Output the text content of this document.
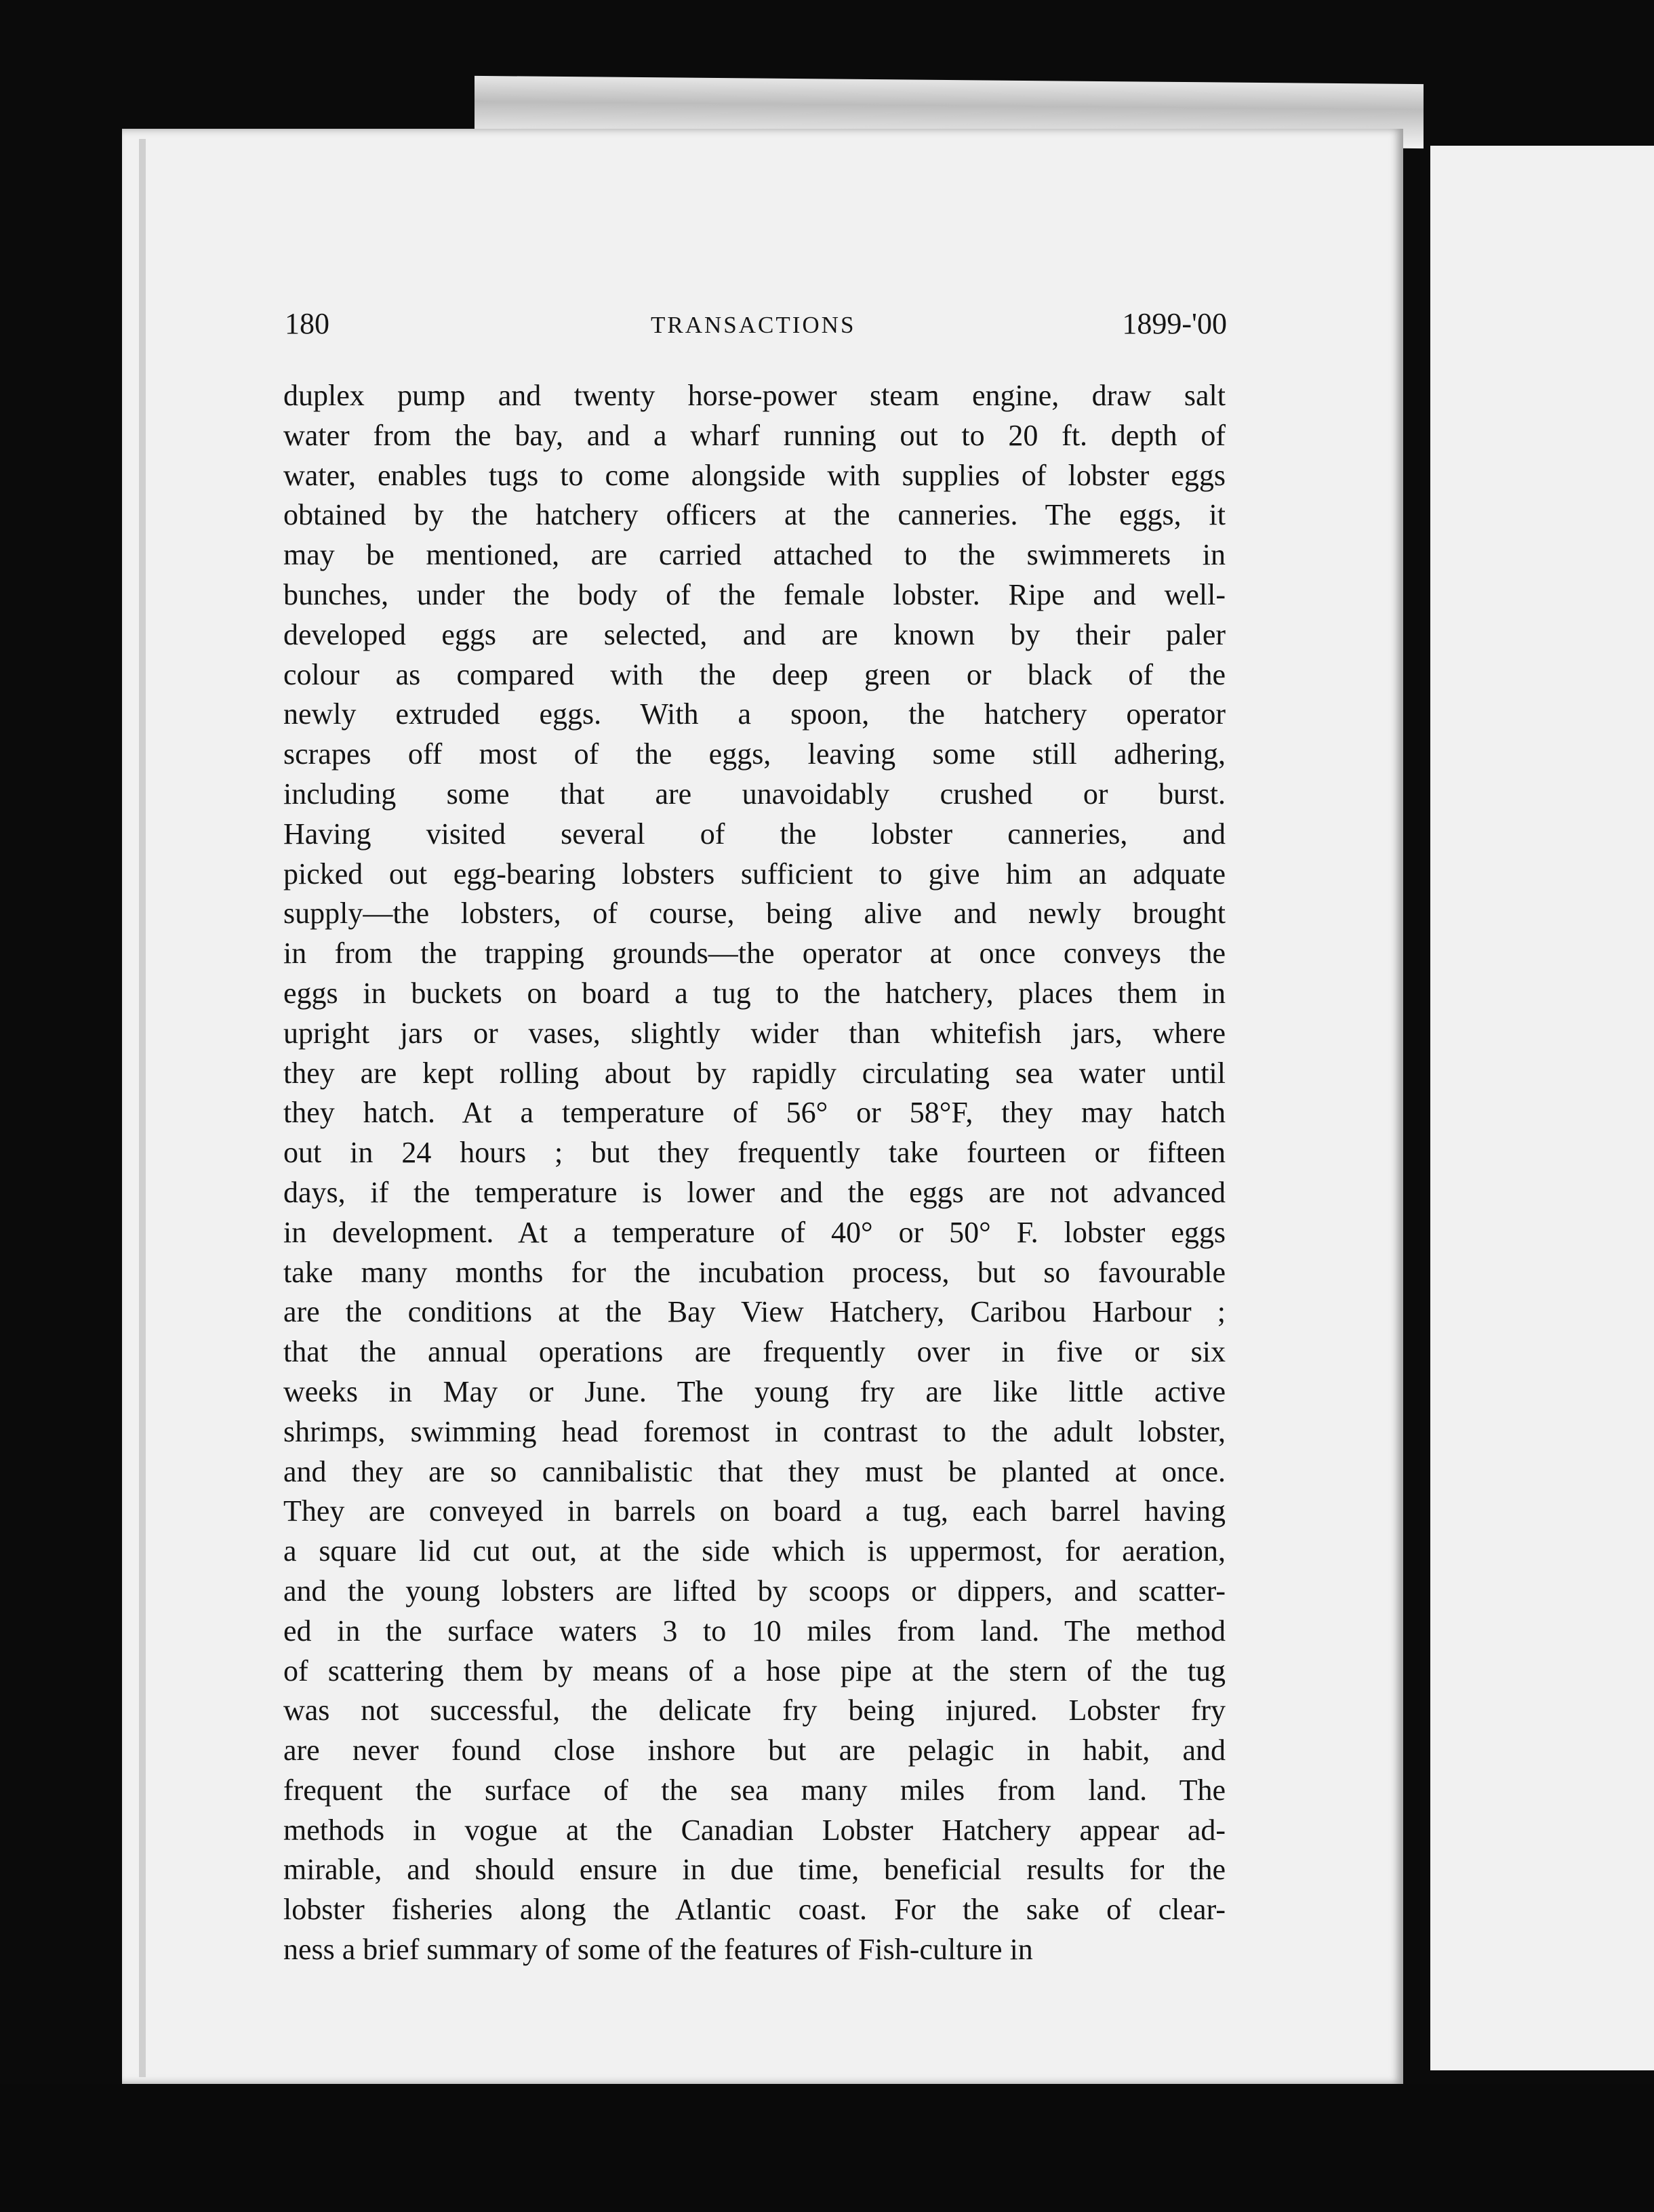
180	TRANSACTIONS	1899-'00
duplex pump and twenty horse-power steam engine, draw salt
water from the bay, and a wharf running out to 20 ft. depth of
water, enables tugs to come alongside with supplies of lobster eggs
obtained by the hatchery officers at the canneries. The eggs, it
may be mentioned, are carried attached to the swimmerets in
bunches, under the body of the female lobster. Ripe and well-
developed eggs are selected, and are known by their paler
colour as compared with the deep green or black of the
newly extruded eggs. With a spoon, the hatchery operator
scrapes off most of the eggs, leaving some still adhering,
including some that are unavoidably crushed or burst.
Having visited several of the lobster canneries, and
picked out egg-bearing lobsters sufficient to give him an adquate
supply—the lobsters, of course, being alive and newly brought
in from the trapping grounds—the operator at once conveys the
eggs in buckets on board a tug to the hatchery, places them in
upright jars or vases, slightly wider than whitefish jars, where
they are kept rolling about by rapidly circulating sea water until
they hatch. At a temperature of 56° or 58°F, they may hatch
out in 24 hours ; but they frequently take fourteen or fifteen
days, if the temperature is lower and the eggs are not advanced
in development. At a temperature of 40° or 50° F. lobster eggs
take many months for the incubation process, but so favourable
are the conditions at the Bay View Hatchery, Caribou Harbour ;
that the annual operations are frequently over in five or six
weeks in May or June. The young fry are like little active
shrimps, swimming head foremost in contrast to the adult lobster,
and they are so cannibalistic that they must be planted at once.
They are conveyed in barrels on board a tug, each barrel having
a square lid cut out, at the side which is uppermost, for aeration,
and the young lobsters are lifted by scoops or dippers, and scatter-
ed in the surface waters 3 to 10 miles from land. The method
of scattering them by means of a hose pipe at the stern of the tug
was not successful, the delicate fry being injured. Lobster fry
are never found close inshore but are pelagic in habit, and
frequent the surface of the sea many miles from land. The
methods in vogue at the Canadian Lobster Hatchery appear ad-
mirable, and should ensure in due time, beneficial results for the
lobster fisheries along the Atlantic coast. For the sake of clear-
ness a brief summary of some of the features of Fish-culture in
